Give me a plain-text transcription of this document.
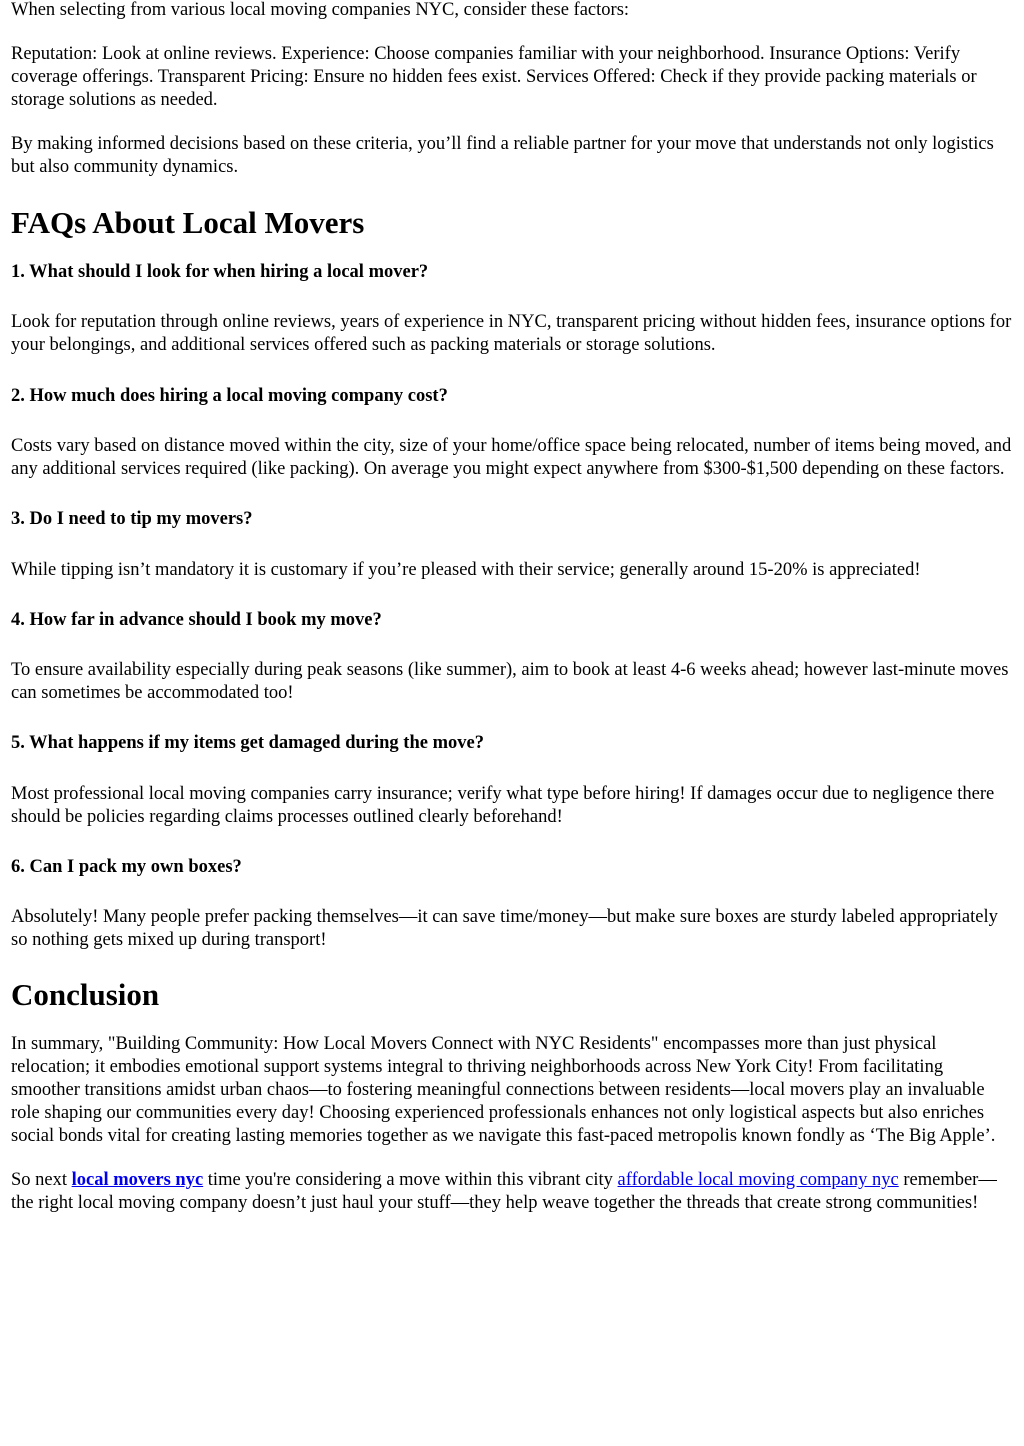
When selecting from various local moving companies NYC, consider these factors:

Reputation: Look at online reviews. Experience: Choose companies familiar with your neighborhood. Insurance Options: Verify coverage offerings. Transparent Pricing: Ensure no hidden fees exist. Services Offered: Check if they provide packing materials or storage solutions as needed.

By making informed decisions based on these criteria, you’ll find a reliable partner for your move that understands not only logistics but also community dynamics.

FAQs About Local Movers
1. What should I look for when hiring a local mover?

Look for reputation through online reviews, years of experience in NYC, transparent pricing without hidden fees, insurance options for your belongings, and additional services offered such as packing materials or storage solutions.

2. How much does hiring a local moving company cost?

Costs vary based on distance moved within the city, size of your home/office space being relocated, number of items being moved, and any additional services required (like packing). On average you might expect anywhere from $300-$1,500 depending on these factors.

3. Do I need to tip my movers?

While tipping isn’t mandatory it is customary if you’re pleased with their service; generally around 15-20% is appreciated!

4. How far in advance should I book my move?

To ensure availability especially during peak seasons (like summer), aim to book at least 4-6 weeks ahead; however last-minute moves can sometimes be accommodated too!

5. What happens if my items get damaged during the move?

Most professional local moving companies carry insurance; verify what type before hiring! If damages occur due to negligence there should be policies regarding claims processes outlined clearly beforehand!

6. Can I pack my own boxes?

Absolutely! Many people prefer packing themselves—it can save time/money—but make sure boxes are sturdy labeled appropriately so nothing gets mixed up during transport!

Conclusion

In summary, "Building Community: How Local Movers Connect with NYC Residents" encompasses more than just physical relocation; it embodies emotional support systems integral to thriving neighborhoods across New York City! From facilitating smoother transitions amidst urban chaos—to fostering meaningful connections between residents—local movers play an invaluable role shaping our communities every day! Choosing experienced professionals enhances not only logistical aspects but also enriches social bonds vital for creating lasting memories together as we navigate this fast-paced metropolis known fondly as ‘The Big Apple’.

So next local movers nyc time you're considering a move within this vibrant city affordable local moving company nyc remember—the right local moving company doesn’t just haul your stuff—they help weave together the threads that create strong communities!
